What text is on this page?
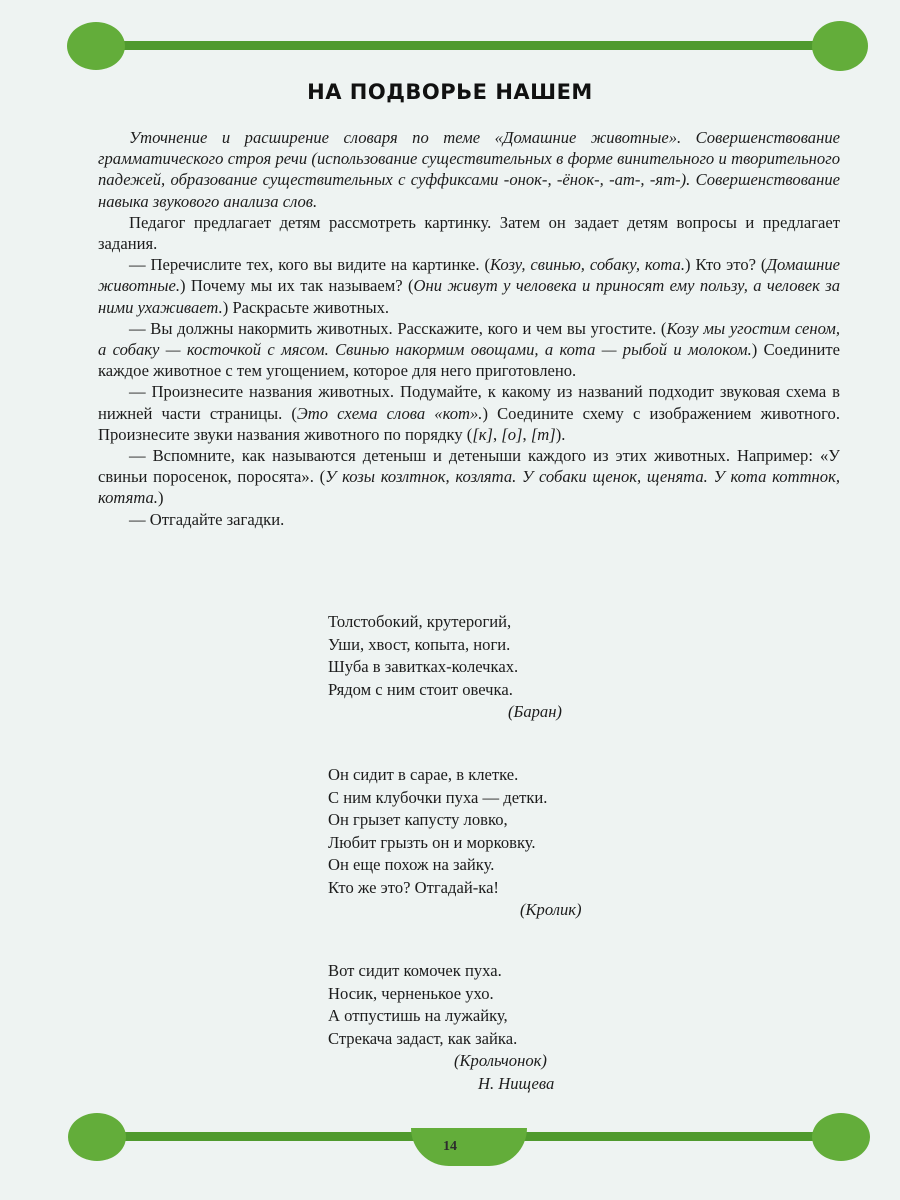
НА ПОДВОРЬЕ НАШЕМ

Уточнение и расширение словаря по теме «Домашние животные». Совершенствование грамматического строя речи (использование существительных в форме винительного и творительного падежей, образование существительных с суффиксами -онок-, -ёнок-, -ат-, -ят-). Совершенствование навыка звукового анализа слов.

Педагог предлагает детям рассмотреть картинку. Затем он задает детям вопросы и предлагает задания.

— Перечислите тех, кого вы видите на картинке. (Козу, свинью, собаку, кота.) Кто это? (Домашние животные.) Почему мы их так называем? (Они живут у человека и приносят ему пользу, а человек за ними ухаживает.) Раскрасьте животных.

— Вы должны накормить животных. Расскажите, кого и чем вы угостите. (Козу мы угостим сеном, а собаку — косточкой с мясом. Свинью накормим овощами, а кота — рыбой и молоком.) Соедините каждое животное с тем угощением, которое для него приготовлено.

— Произнесите названия животных. Подумайте, к какому из названий подходит звуковая схема в нижней части страницы. (Это схема слова «кот».) Соедините схему с изображением животного. Произнесите звуки названия животного по порядку ([к], [о], [т]).

— Вспомните, как называются детеныш и детеныши каждого из этих животных. Например: «У свиньи поросенок, поросята». (У козы козлтнок, козлята. У собаки щенок, щенята. У кота коттнок, котята.)

— Отгадайте загадки.

Толстобокий, крутерогий,
Уши, хвост, копыта, ноги.
Шуба в завитках-колечках.
Рядом с ним стоит овечка.
(Баран)
Он сидит в сарае, в клетке.
С ним клубочки пуха — детки.
Он грызет капусту ловко,
Любит грызть он и морковку.
Он еще похож на зайку.
Кто же это? Отгадай-ка!
(Кролик)
Вот сидит комочек пуха.
Носик, черненькое ухо.
А отпустишь на лужайку,
Стрекача задаст, как зайка.
(Крольчонок)
Н. Нищева
14
